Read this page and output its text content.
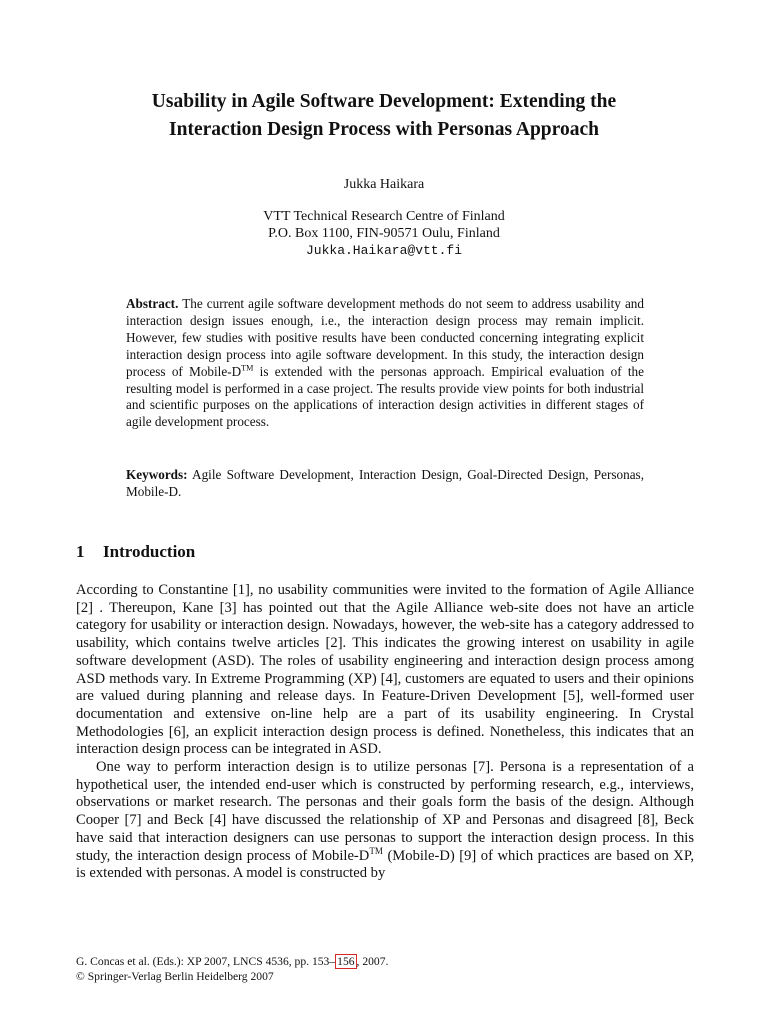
Usability in Agile Software Development: Extending the
Interaction Design Process with Personas Approach
Jukka Haikara
VTT Technical Research Centre of Finland
P.O. Box 1100, FIN-90571 Oulu, Finland
Jukka.Haikara@vtt.fi

Abstract. The current agile software development methods do not seem to address usability and interaction design issues enough, i.e., the interaction design process may remain implicit. However, few studies with positive results have been conducted concerning integrating explicit interaction design process into agile software development. In this study, the interaction design process of Mobile-D™ is extended with the personas approach. Empirical evaluation of the resulting model is performed in a case project. The results provide view points for both industrial and scientific purposes on the applications of interaction design activities in different stages of agile development process.

Keywords: Agile Software Development, Interaction Design, Goal-Directed Design, Personas, Mobile-D.

1 Introduction

According to Constantine [1], no usability communities were invited to the formation of Agile Alliance [2] . Thereupon, Kane [3] has pointed out that the Agile Alliance web-site does not have an article category for usability or interaction design. Nowadays, however, the web-site has a category addressed to usability, which contains twelve articles [2]. This indicates the growing interest on usability in agile software development (ASD). The roles of usability engineering and interaction design process among ASD methods vary. In Extreme Programming (XP) [4], customers are equated to users and their opinions are valued during planning and release days. In Feature-Driven Development [5], well-formed user documentation and extensive on-line help are a part of its usability engineering. In Crystal Methodologies [6], an explicit interaction design process is defined. Nonetheless, this indicates that an interaction design process can be integrated in ASD.

One way to perform interaction design is to utilize personas [7]. Persona is a representation of a hypothetical user, the intended end-user which is constructed by performing research, e.g., interviews, observations or market research. The personas and their goals form the basis of the design. Although Cooper [7] and Beck [4] have discussed the relationship of XP and Personas and disagreed [8], Beck have said that interaction designers can use personas to support the interaction design process. In this study, the interaction design process of Mobile-D™ (Mobile-D) [9] of which practices are based on XP, is extended with personas. A model is constructed by

G. Concas et al. (Eds.): XP 2007, LNCS 4536, pp. 153– 156 , 2007.
© Springer-Verlag Berlin Heidelberg 2007
